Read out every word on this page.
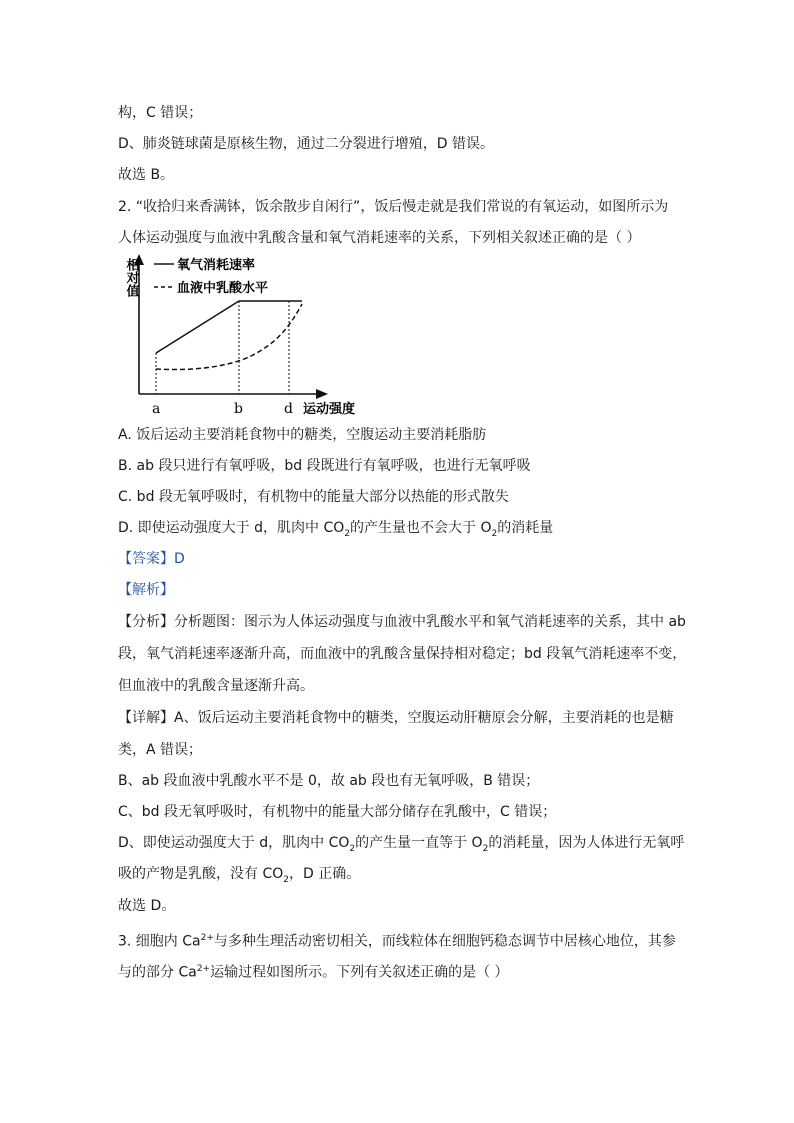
构，C 错误；
D、肺炎链球菌是原核生物，通过二分裂进行增殖，D 错误。
故选 B。
2. “收拾归来香满钵，饭余散步自闲行”，饭后慢走就是我们常说的有氧运动，如图所示为
人体运动强度与血液中乳酸含量和氧气消耗速率的关系，下列相关叙述正确的是（ ）
相对值	氧气消耗速率
血液中乳酸水平
a	b	d 运动强度
A. 饭后运动主要消耗食物中的糖类，空腹运动主要消耗脂肪
B. ab 段只进行有氧呼吸，bd 段既进行有氧呼吸，也进行无氧呼吸
C. bd 段无氧呼吸时，有机物中的能量大部分以热能的形式散失
D. 即使运动强度大于 d，肌肉中 $CO_2$的产生量也不会大于 $O_2$的消耗量
【答案】D
【解析】
【分析】分析题图：图示为人体运动强度与血液中乳酸水平和氧气消耗速率的关系，其中 ab
段，氧气消耗速率逐渐升高，而血液中的乳酸含量保持相对稳定；bd 段氧气消耗速率不变，
但血液中的乳酸含量逐渐升高。
【详解】A、饭后运动主要消耗食物中的糖类，空腹运动肝糖原会分解，主要消耗的也是糖
类，A 错误；
B、ab 段血液中乳酸水平不是 0，故 ab 段也有无氧呼吸，B 错误；
C、bd 段无氧呼吸时，有机物中的能量大部分储存在乳酸中，C 错误；
D、即使运动强度大于 d，肌肉中 $CO_2$的产生量一直等于 $O_2$的消耗量，因为人体进行无氧呼
吸的产物是乳酸，没有 $CO_2$，D 正确。
故选 D。
3. 细胞内 $Ca^{2+}$与多种生理活动密切相关，而线粒体在细胞钙稳态调节中居核心地位，其参
与的部分 $Ca^{2+}$运输过程如图所示。下列有关叙述正确的是（ ）
